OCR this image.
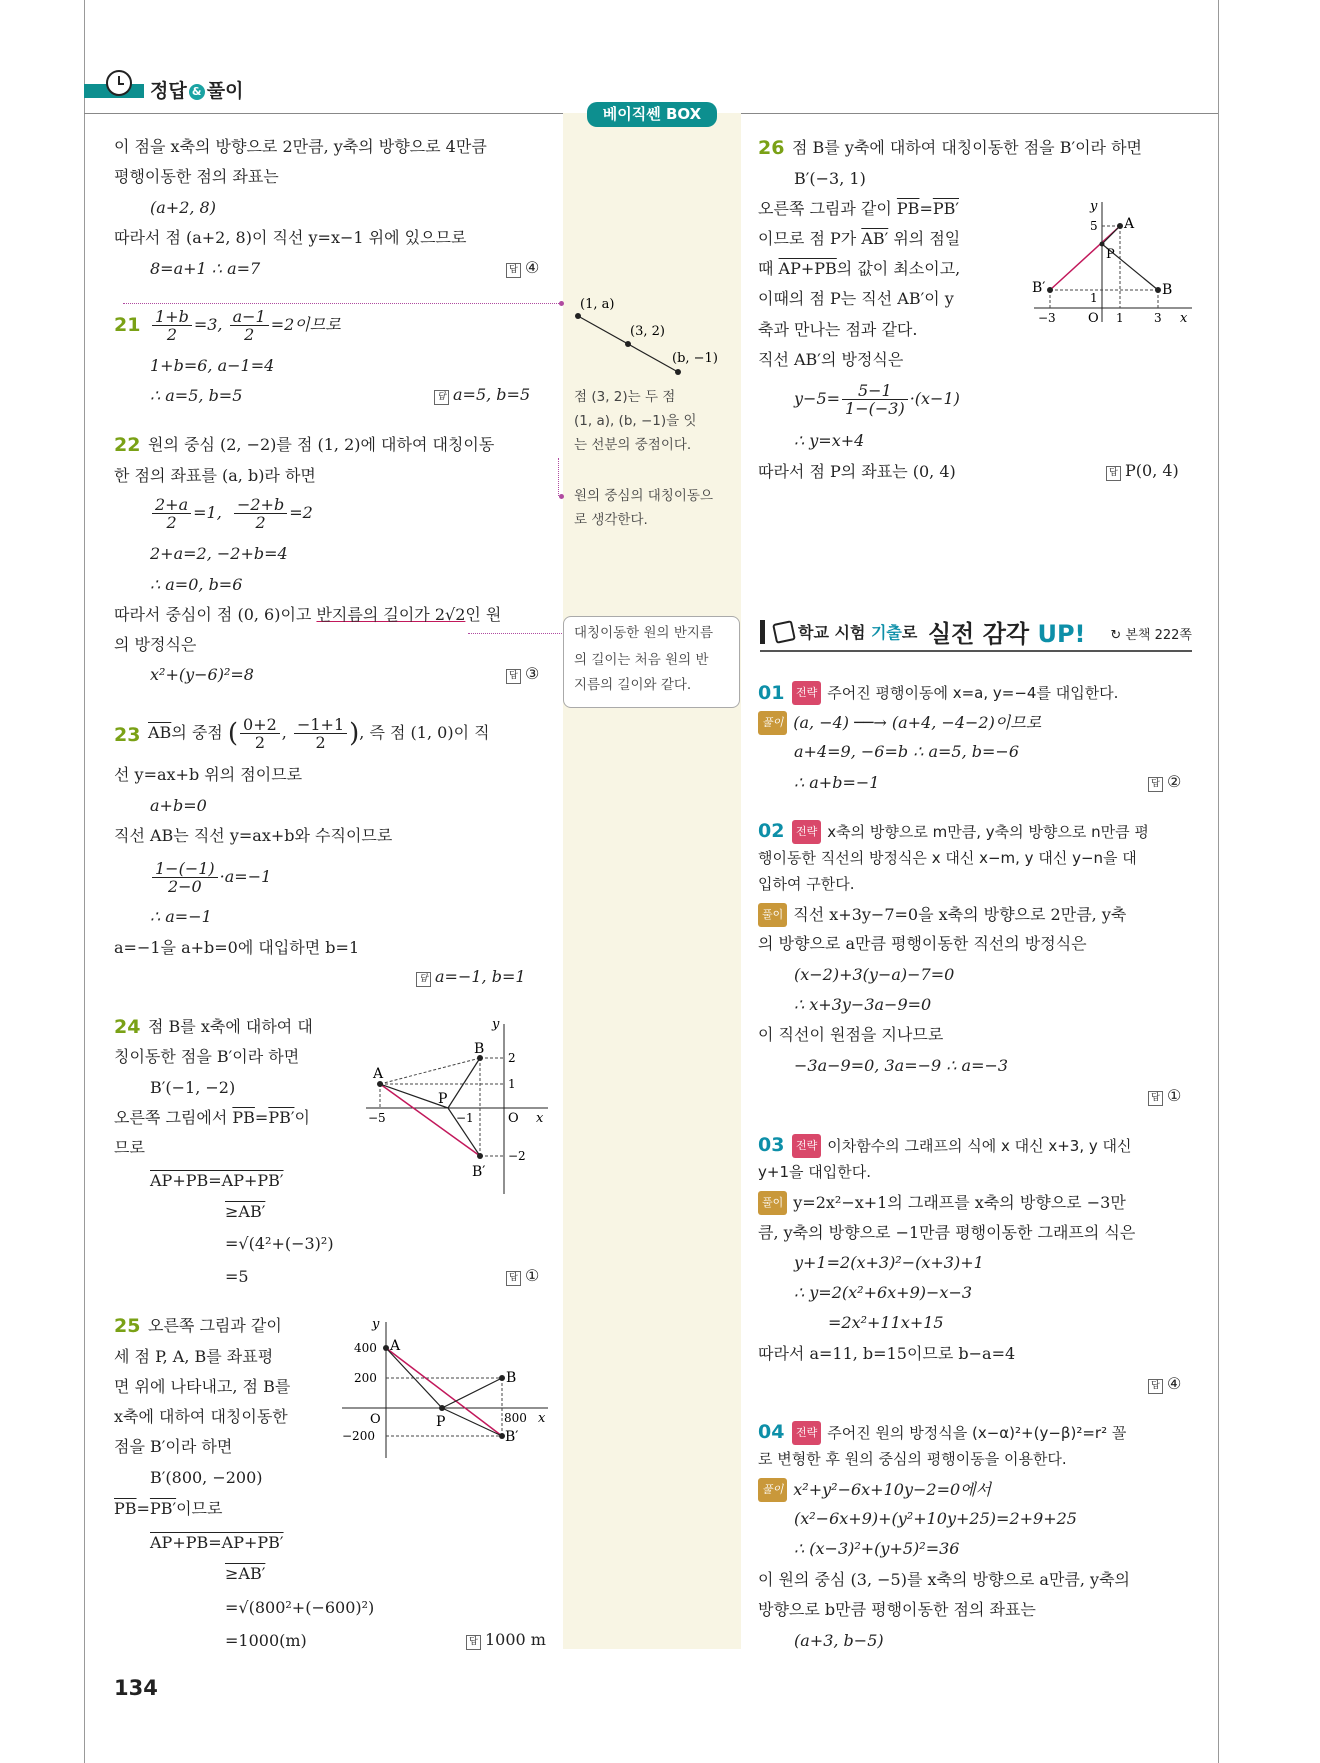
정답 & 풀이
베이직쎈 BOX
이 점을 x축의 방향으로 2만큼, y축의 방향으로 4만큼
평행이동한 점의 좌표는
(a+2, 8)
따라서 점 (a+2, 8)이 직선 y=x−1 위에 있으므로
8=a+1 ∴ a=7	답 ④
$21 \frac{1+b}{2} =3$, $\frac{a-1}{2} =2$이므로
1+b=6, a−1=4
∴ a=5, b=5	답 a=5, b=5
22 원의 중심 (2, −2)를 점 (1, 2)에 대하여 대칭이동
한 점의 좌표를 (a, b)라 하면
$\frac{2+a}{2} =1$, $\frac{-2+b}{2} =2$
2+a=2, −2+b=4
∴ a=0, b=6
따라서 중심이 점 (0, 6)이고 반지름의 길이가 2√2인 원
의 방정식은
x²+(y−6)²=8	답 ③
23 $\overline{AB}$의 중점 ( $\frac{0+2}{2}$ , $\frac{-1+1}{2}$ ), 즉 점 (1, 0)이 직
선 y=ax+b 위의 점이므로
a+b=0
직선 AB는 직선 y=ax+b와 수직이므로
$\frac{1-(-1)}{2-0} \cdot a=-1$
∴ a=−1
a=−1을 a+b=0에 대입하면 b=1
답 a=−1, b=1
24 점 B를 x축에 대하여 대
칭이동한 점을 B′이라 하면
B′(−1, −2)
오른쪽 그림에서 $\overline{PB}=PB'$이
므로
AP+PB=AP+PB′
≥AB′
=√(4²+(−3)²)
=5	답 ①
A
B
P
B′
O x
y
−5	−1
1
2
−2
25 오른쪽 그림과 같이
세 점 P, A, B를 좌표평
면 위에 나타내고, 점 B를
x축에 대하여 대칭이동한
점을 B′이라 하면
B′(800, −200)
$\overline{PB}=PB'$이므로
AP+PB=AP+PB′
≥AB′
=√(800²+(−600)²)
=1000(m)	답 1000 m
A
B
P
B′
O	x
y
400
200
−200
800
(1, a)
(3, 2)
(b, −1)
점 (3, 2)는 두 점
(1, a), (b, −1)을 잇
는 선분의 중점이다.
원의 중심의 대칭이동으
로 생각한다.
대칭이동한 원의 반지름
의 길이는 처음 원의 반
지름의 길이와 같다.
26 점 B를 y축에 대하여 대칭이동한 점을 B′이라 하면
B′(−3, 1)
오른쪽 그림과 같이 $\overline{PB}=PB'$
이므로 점 P가 AB′ 위의 점일
때 AP+PB의 값이 최소이고,
이때의 점 P는 직선 AB′이 y
축과 만나는 점과 같다.
직선 AB′의 방정식은
$y-5= \frac{5-1}{1-(-3)} \cdot(x-1)$
∴ y=x+4
따라서 점 P의 좌표는 (0, 4)	답 P(0, 4)
A
B
P
B′
O	x
y
5
1
−3	1	3
학교 시험 기출로 실전 감각 UP! ↻ 본책 222쪽
01	전략 주어진 평행이동에 x=a, y=−4를 대입한다.
풀이 (a, −4) ──→ (a+4, −4−2)이므로
a+4=9, −6=b ∴ a=5, b=−6
∴ a+b=−1	답 ②
02	전략 x축의 방향으로 m만큼, y축의 방향으로 n만큼 평
행이동한 직선의 방정식은 x 대신 x−m, y 대신 y−n을 대
입하여 구한다.
풀이 직선 x+3y−7=0을 x축의 방향으로 2만큼, y축
의 방향으로 a만큼 평행이동한 직선의 방정식은
(x−2)+3(y−a)−7=0
∴ x+3y−3a−9=0
이 직선이 원점을 지나므로
−3a−9=0, 3a=−9 ∴ a=−3
답 ①
03	전략 이차함수의 그래프의 식에 x 대신 x+3, y 대신
y+1을 대입한다.
풀이 y=2x²−x+1의 그래프를 x축의 방향으로 −3만
큼, y축의 방향으로 −1만큼 평행이동한 그래프의 식은
y+1=2(x+3)²−(x+3)+1
∴ y=2(x²+6x+9)−x−3
=2x²+11x+15
따라서 a=11, b=15이므로 b−a=4
답 ④
04	전략 주어진 원의 방정식을 (x−α)²+(y−β)²=r² 꼴
로 변형한 후 원의 중심의 평행이동을 이용한다.
풀이 x²+y²−6x+10y−2=0에서
(x²−6x+9)+(y²+10y+25)=2+9+25
∴ (x−3)²+(y+5)²=36
이 원의 중심 (3, −5)를 x축의 방향으로 a만큼, y축의
방향으로 b만큼 평행이동한 점의 좌표는
(a+3, b−5)
134
